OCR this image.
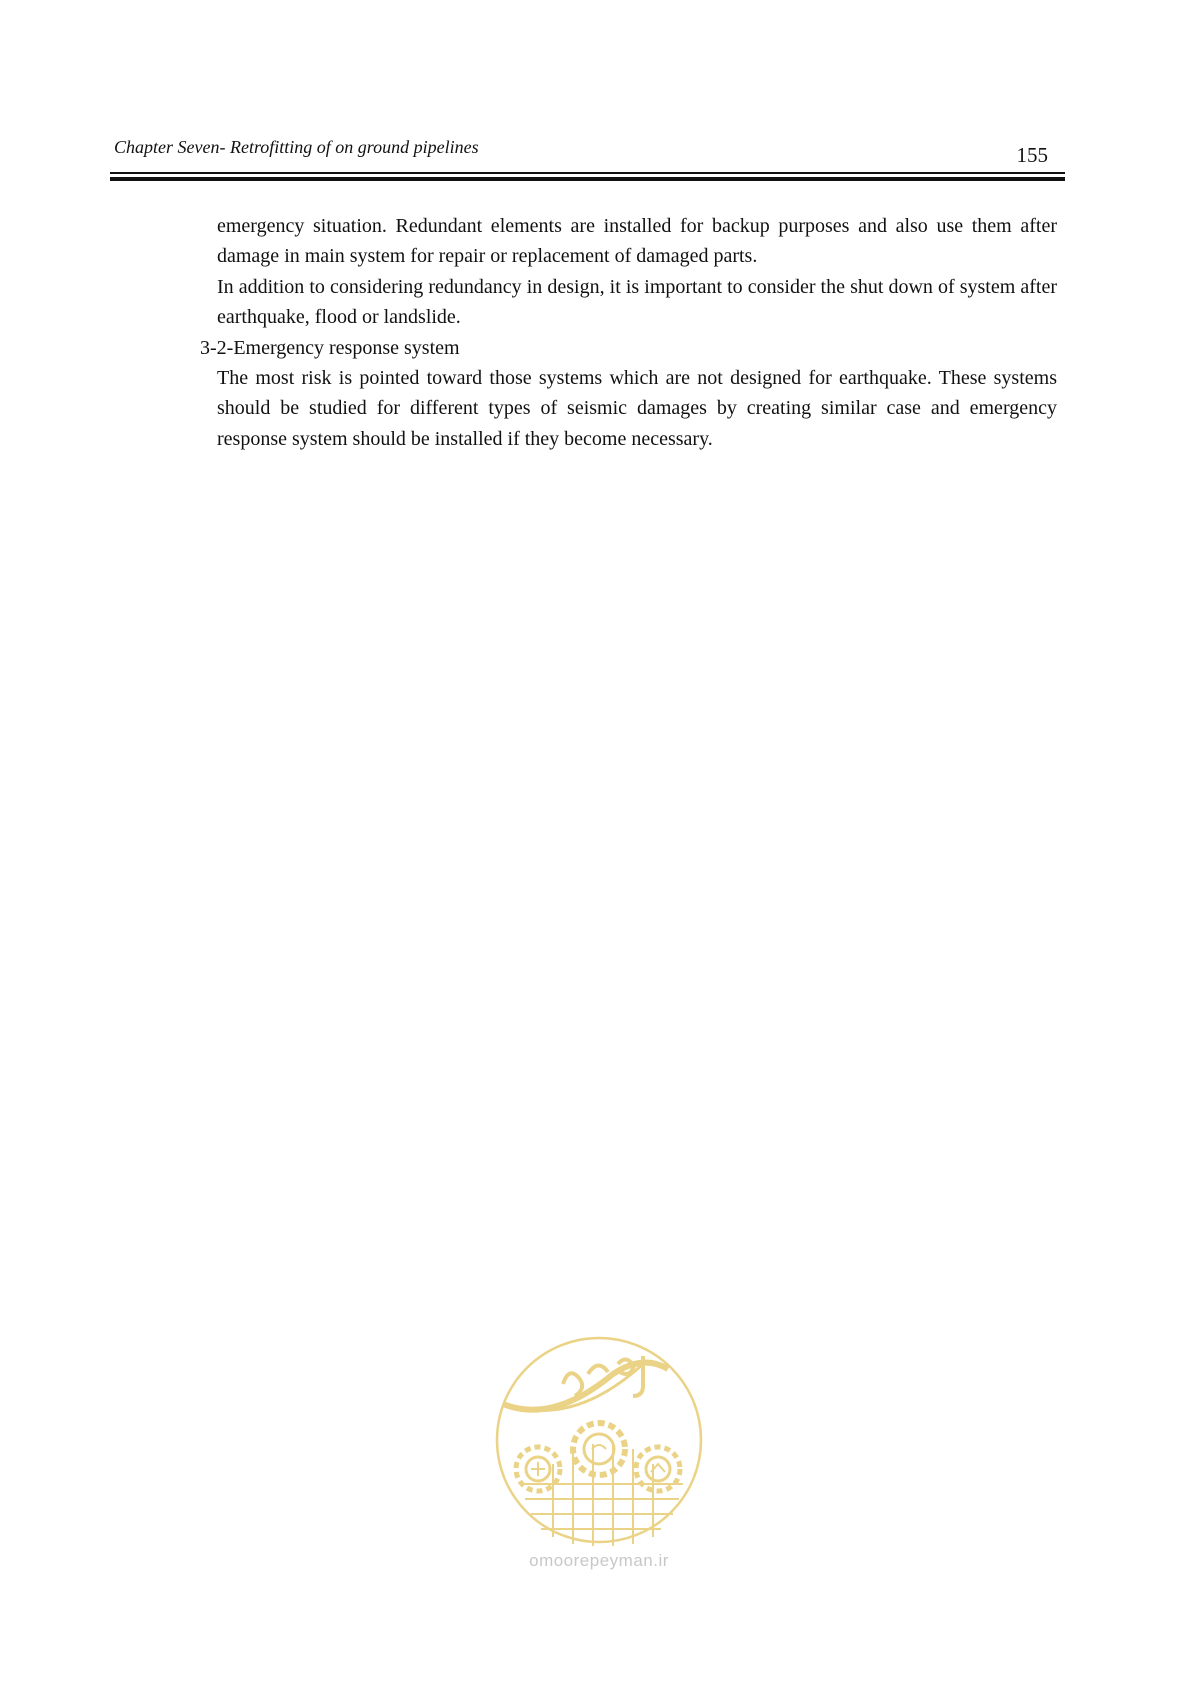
Chapter Seven- Retrofitting of on ground pipelines	155

emergency situation. Redundant elements are installed for backup purposes and also use them after damage in main system for repair or replacement of damaged parts.

In addition to considering redundancy in design, it is important to consider the shut down of system after earthquake, flood or landslide.

3-2-Emergency response system

The most risk is pointed toward those systems which are not designed for earthquake. These systems should be studied for different types of seismic damages by creating similar case and emergency response system should be installed if they become necessary.

omoorepeyman.ir
